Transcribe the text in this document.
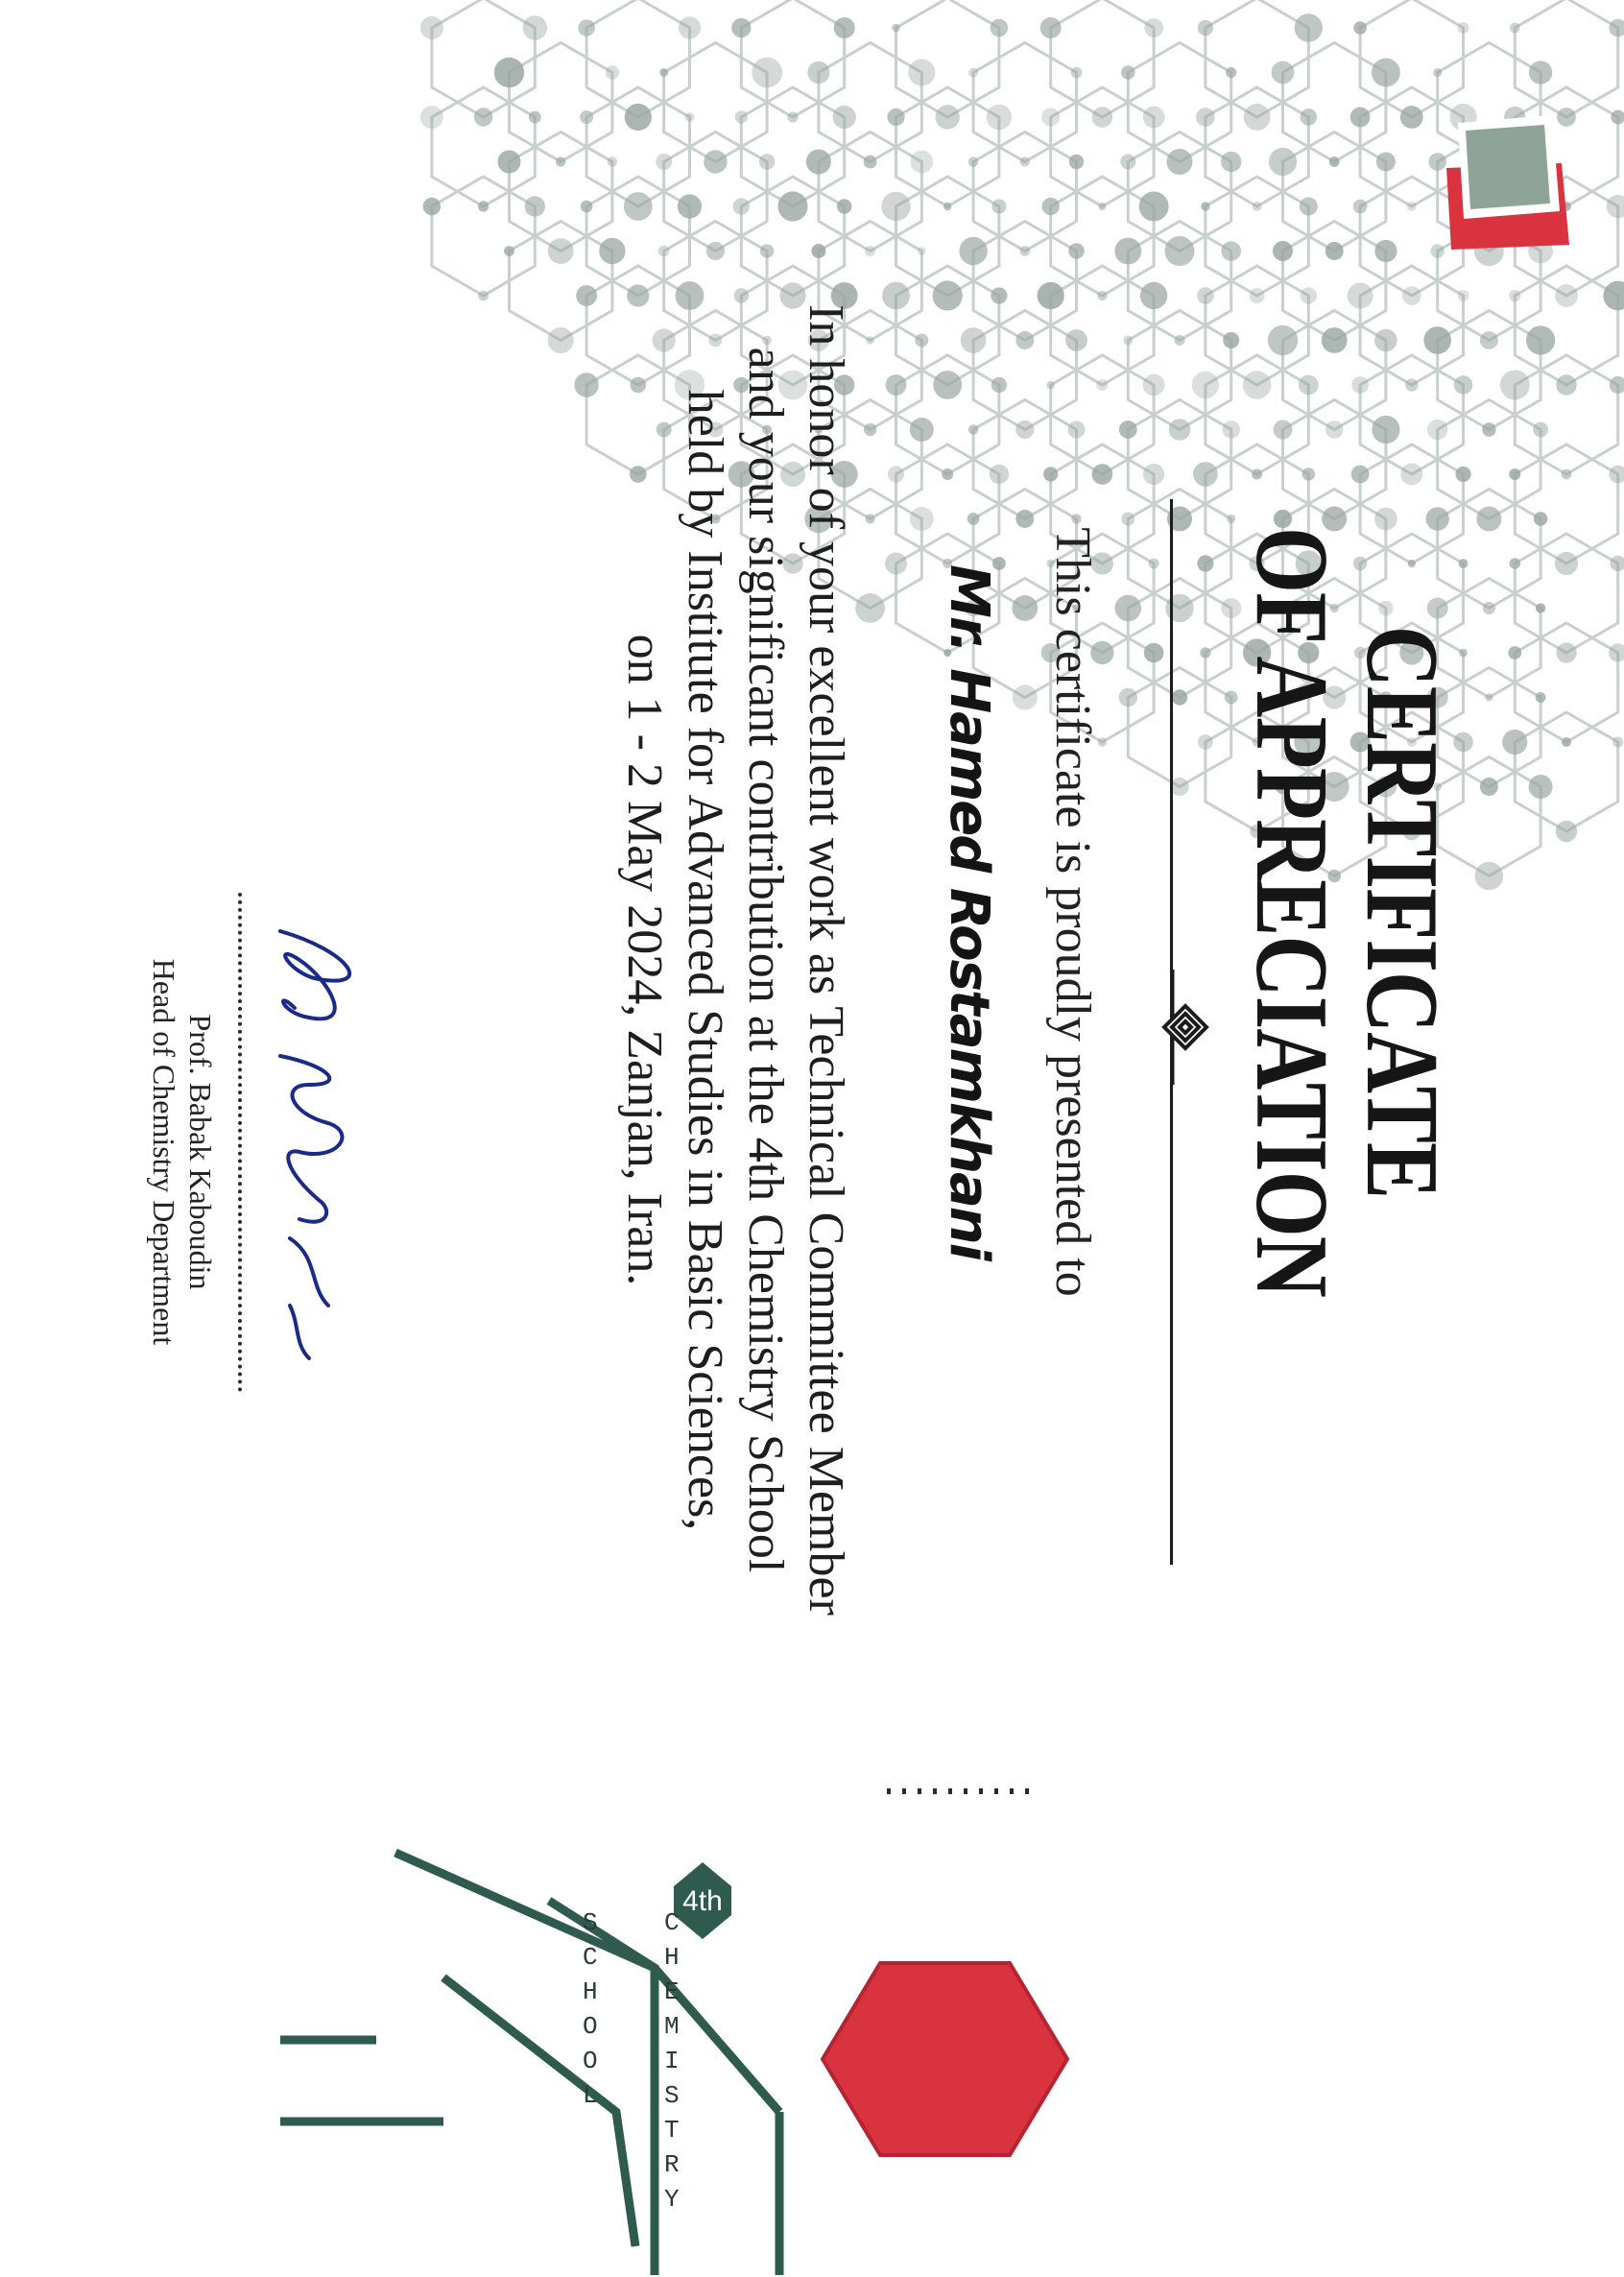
CERTIFICATE
OF APPRECIATION
This certificate is proudly presented to
Mr. Hamed Rostamkhani
In honor of your excellent work as Technical Committee Member
and your significant contribution at the 4th Chemistry School
held by Institute for Advanced Studies in Basic Sciences,
on 1 - 2 May 2024, Zanjan, Iran.
Prof. Babak Kaboudin
Head of Chemistry Department
4th
C
H
E
M
I
S
T
R
Y
S
C
H
O
O
L
